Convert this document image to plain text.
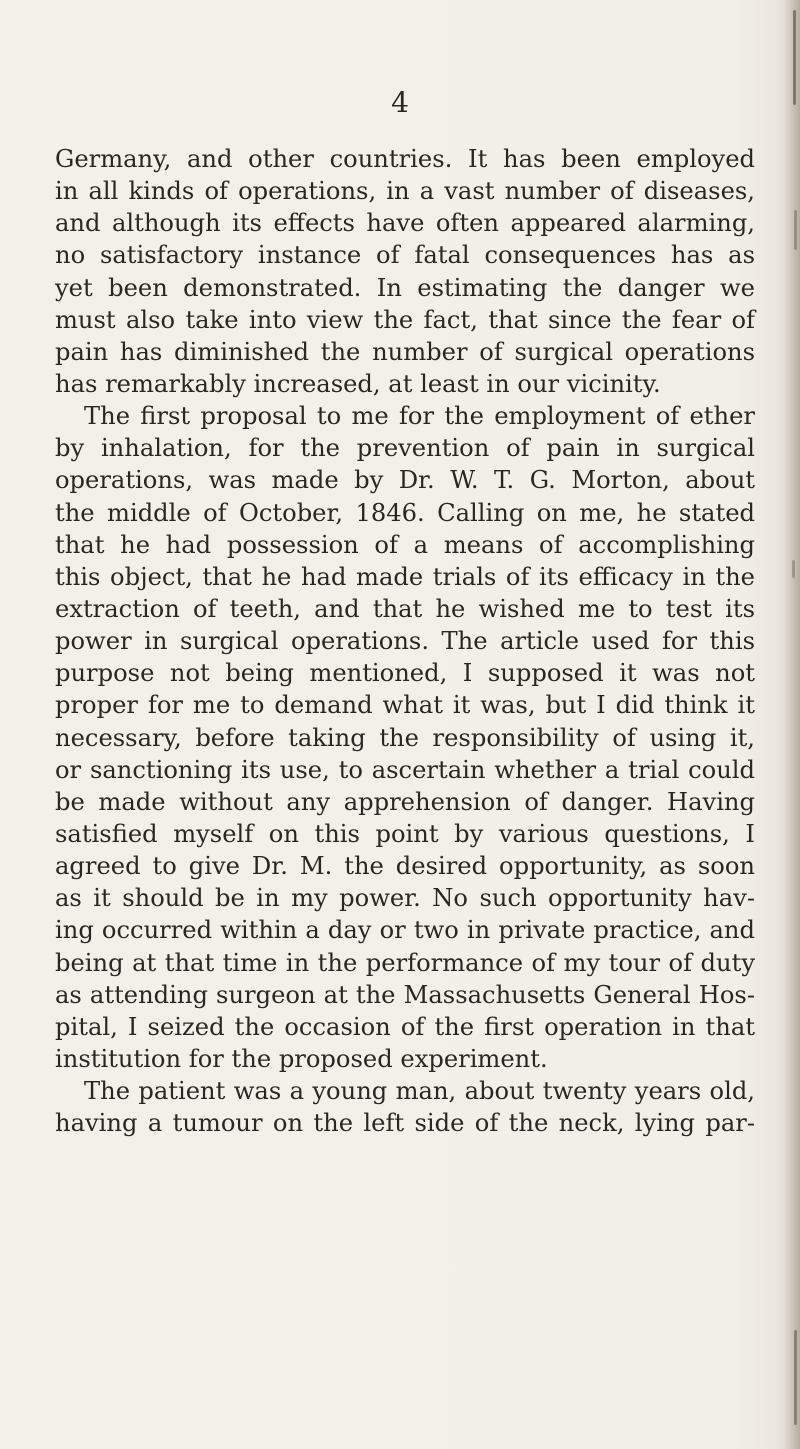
4
Germany, and other countries. It has been employed
in all kinds of operations, in a vast number of diseases,
and although its effects have often appeared alarming,
no satisfactory instance of fatal consequences has as
yet been demonstrated. In estimating the danger we
must also take into view the fact, that since the fear of
pain has diminished the number of surgical operations
has remarkably increased, at least in our vicinity.
The first proposal to me for the employment of ether
by inhalation, for the prevention of pain in surgical
operations, was made by Dr. W. T. G. Morton, about
the middle of October, 1846. Calling on me, he stated
that he had possession of a means of accomplishing
this object, that he had made trials of its efficacy in the
extraction of teeth, and that he wished me to test its
power in surgical operations. The article used for this
purpose not being mentioned, I supposed it was not
proper for me to demand what it was, but I did think it
necessary, before taking the responsibility of using it,
or sanctioning its use, to ascertain whether a trial could
be made without any apprehension of danger. Having
satisfied myself on this point by various questions, I
agreed to give Dr. M. the desired opportunity, as soon
as it should be in my power. No such opportunity hav-
ing occurred within a day or two in private practice, and
being at that time in the performance of my tour of duty
as attending surgeon at the Massachusetts General Hos-
pital, I seized the occasion of the first operation in that
institution for the proposed experiment.
The patient was a young man, about twenty years old,
having a tumour on the left side of the neck, lying par-
